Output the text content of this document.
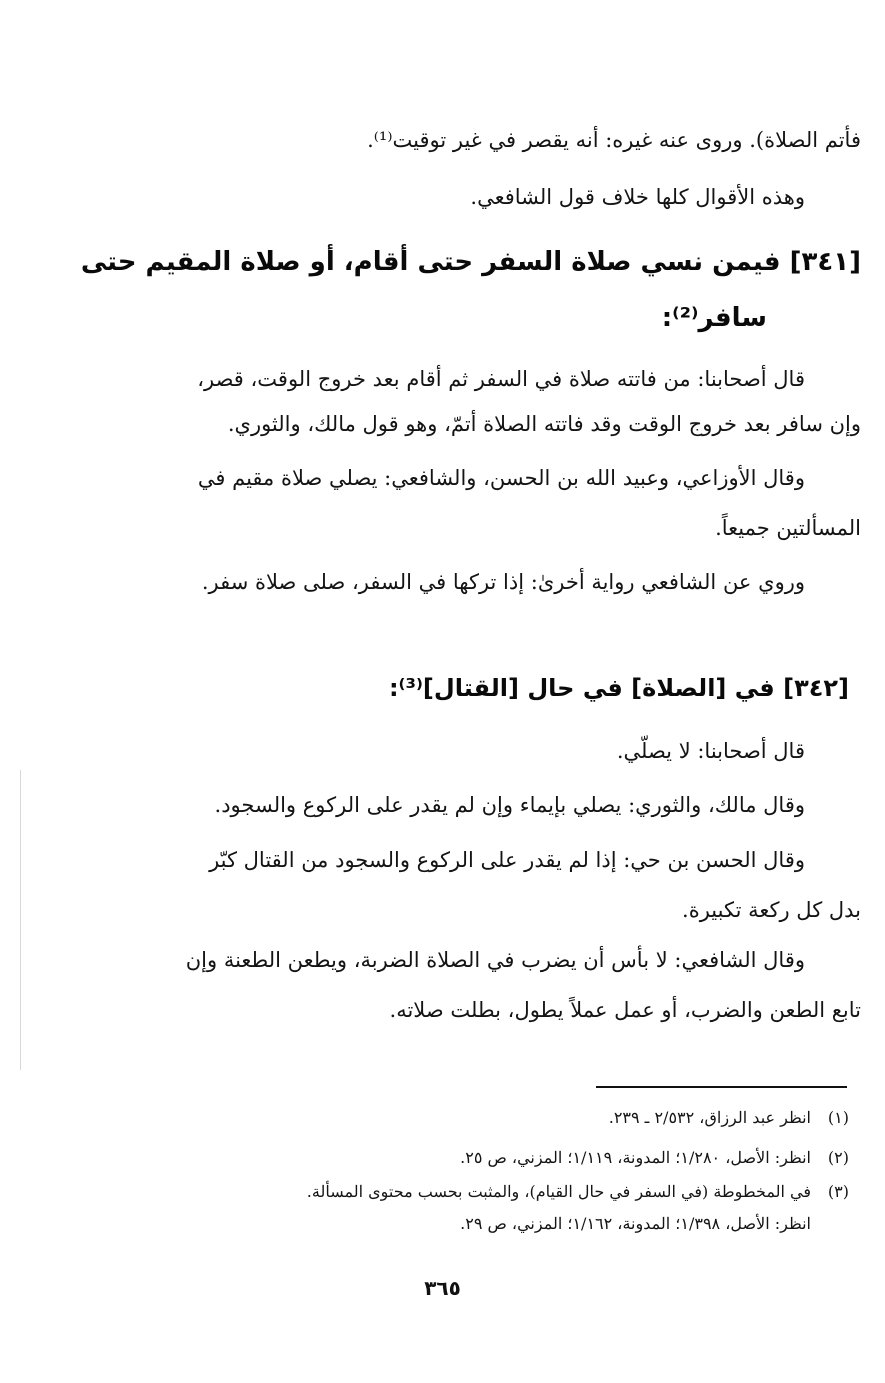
فأتم الصلاة). وروى عنه غيره: أنه يقصر في غير توقيت⁽¹⁾.
وهذه الأقوال كلها خلاف قول الشافعي.
[٣٤١] فيمن نسي صلاة السفر حتى أقام، أو صلاة المقيم حتى
سافر⁽²⁾:
قال أصحابنا: من فاتته صلاة في السفر ثم أقام بعد خروج الوقت، قصر،
وإن سافر بعد خروج الوقت وقد فاتته الصلاة أتمّ، وهو قول مالك، والثوري.
وقال الأوزاعي، وعبيد الله بن الحسن، والشافعي: يصلي صلاة مقيم في
المسألتين جميعاً.
وروي عن الشافعي رواية أخرىٰ: إذا تركها في السفر، صلى صلاة سفر.
[٣٤٢] في [الصلاة] في حال [القتال]⁽³⁾:
قال أصحابنا: لا يصلّي.
وقال مالك، والثوري: يصلي بإيماء وإن لم يقدر على الركوع والسجود.
وقال الحسن بن حي: إذا لم يقدر على الركوع والسجود من القتال كبّر
بدل كل ركعة تكبيرة.
وقال الشافعي: لا بأس أن يضرب في الصلاة الضربة، ويطعن الطعنة وإن
تابع الطعن والضرب، أو عمل عملاً يطول، بطلت صلاته.
(١)انظر عبد الرزاق، ٢/٥٣٢ ـ ٢٣٩.
(٢)انظر: الأصل، ١/٢٨٠؛ المدونة، ١/١١٩؛ المزني، ص ٢٥.
(٣)في المخطوطة (في السفر في حال القيام)، والمثبت بحسب محتوى المسألة.
انظر: الأصل، ١/٣٩٨؛ المدونة، ١/١٦٢؛ المزني، ص ٢٩.
٣٦٥
